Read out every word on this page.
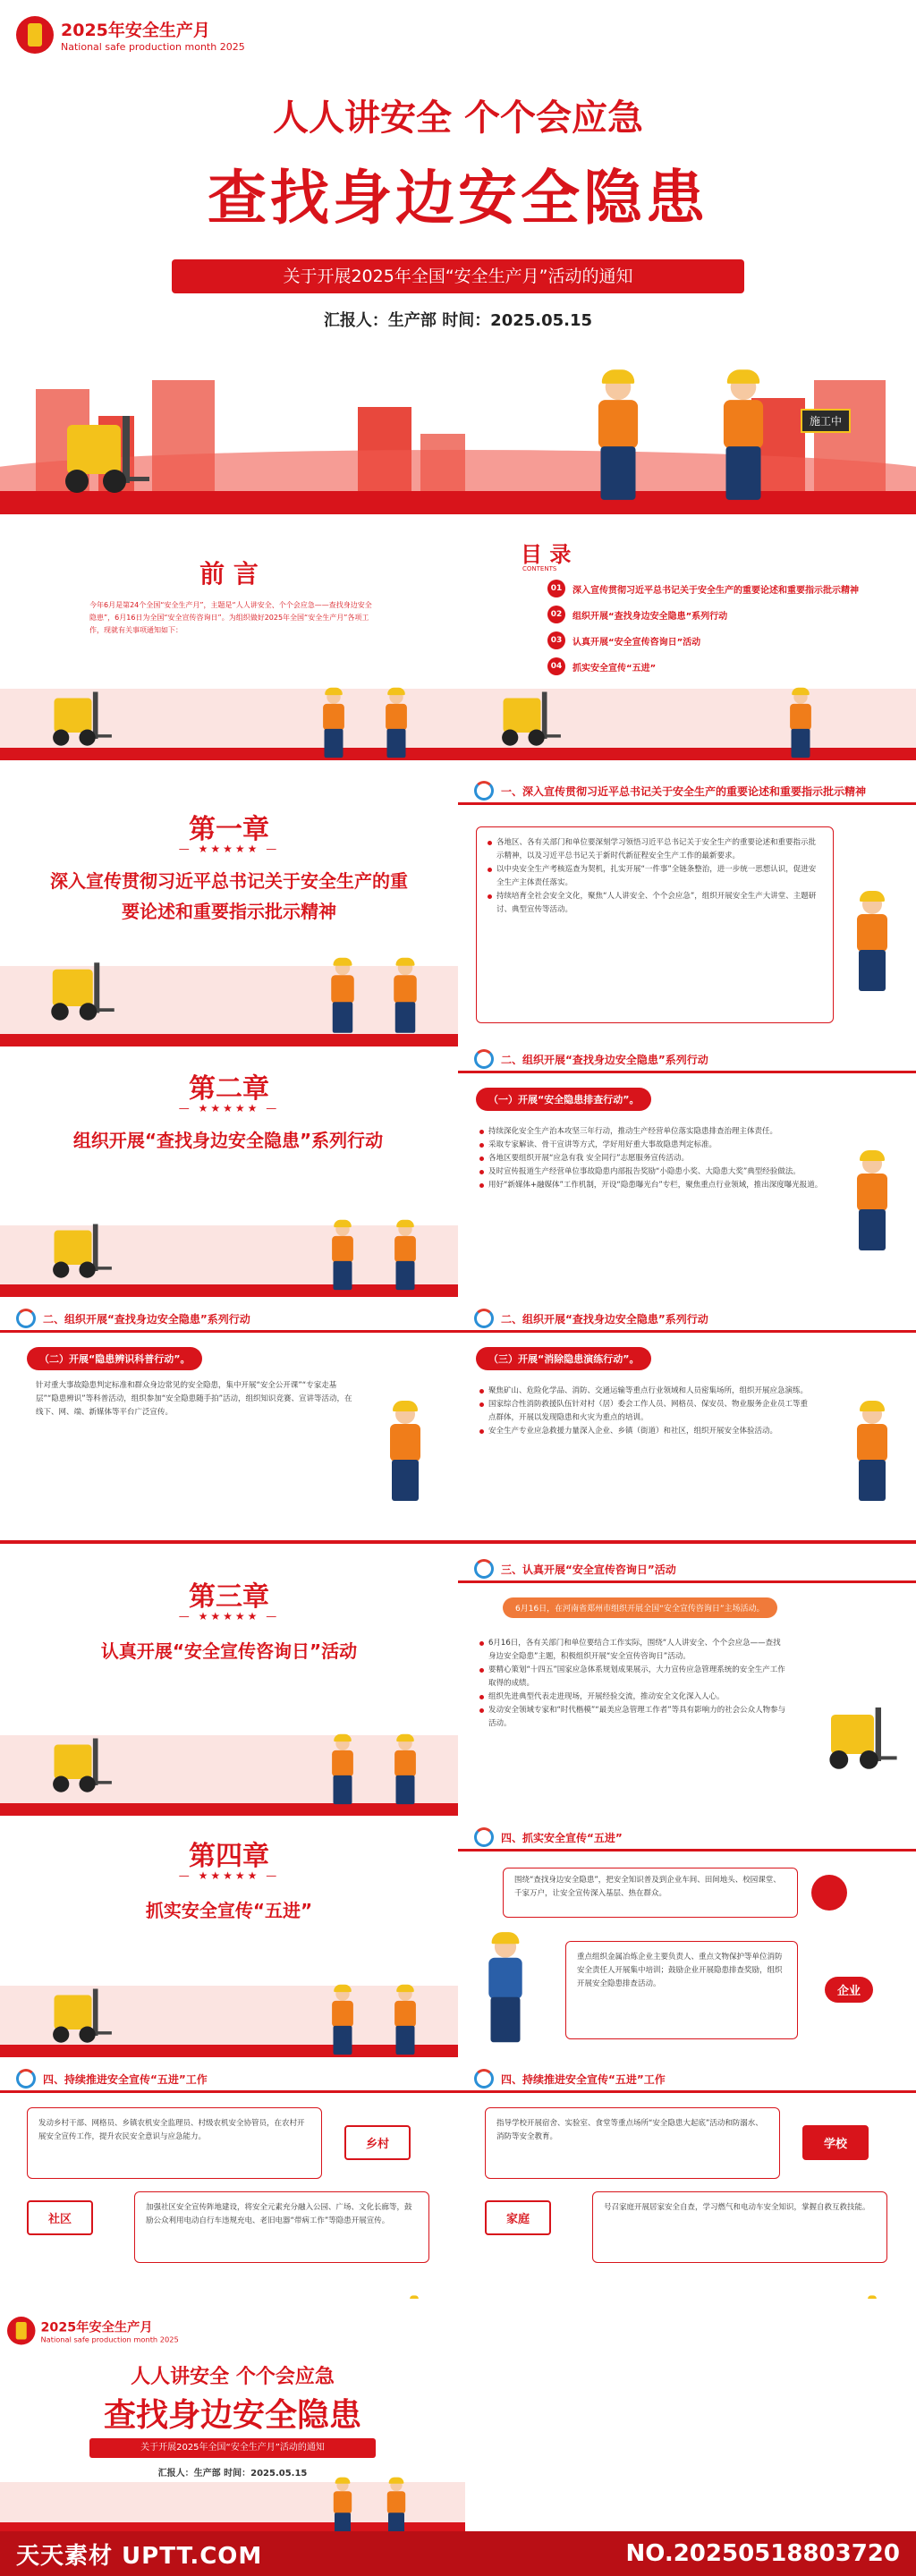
2025年安全生产月
National safe production month 2025
人人讲安全 个个会应急
查找身边安全隐患
关于开展2025年全国“安全生产月”活动的通知
汇报人：生产部 时间：2025.05.15
施工中
前 言
今年6月是第24个全国“安全生产月”，主题是“人人讲安全、个个会应急——查找身边安全隐患”，6月16日为全国“安全宣传咨询日”。为组织做好2025年全国“安全生产月”各项工作，现就有关事项通知如下：
目 录
CONTENTS
01	深入宣传贯彻习近平总书记关于安全生产的重要论述和重要指示批示精神
02	组织开展“查找身边安全隐患”系列行动
03	认真开展“安全宣传咨询日”活动
04	抓实安全宣传“五进”
第一章
— ★★★★★ —
深入宣传贯彻习近平总书记关于安全生产的重要论述和重要指示批示精神
一、深入宣传贯彻习近平总书记关于安全生产的重要论述和重要指示批示精神
各地区、各有关部门和单位要深刻学习领悟习近平总书记关于安全生产的重要论述和重要指示批示精神，以及习近平总书记关于新时代新征程安全生产工作的最新要求。
以中央安全生产考核巡查为契机，扎实开展“一件事”全链条整治，进一步统一思想认识，促进安全生产主体责任落实。
持续培育全社会安全文化，聚焦“人人讲安全、个个会应急”，组织开展安全生产大讲堂、主题研讨、典型宣传等活动。
第二章
— ★★★★★ —
组织开展“查找身边安全隐患”系列行动
二、组织开展“查找身边安全隐患”系列行动
（一）开展“安全隐患排查行动”。
持续深化安全生产治本攻坚三年行动，推动生产经营单位落实隐患排查治理主体责任。
采取专家解读、骨干宣讲等方式，学好用好重大事故隐患判定标准。
各地区要组织开展“应急有我 安全同行”志愿服务宣传活动。
及时宣传报道生产经营单位事故隐患内部报告奖励“小隐患小奖、大隐患大奖”典型经验做法。
用好“新媒体+融媒体”工作机制，开设“隐患曝光台”专栏，聚焦重点行业领域，推出深度曝光报道。
二、组织开展“查找身边安全隐患”系列行动
（二）开展“隐患辨识科普行动”。
针对重大事故隐患判定标准和群众身边常见的安全隐患，集中开展“安全公开课”“专家走基层”“隐患辨识”等科普活动，组织参加“安全隐患随手拍”活动，组织知识竞赛、宣讲等活动，在线下、网、端、新媒体等平台广泛宣传。
二、组织开展“查找身边安全隐患”系列行动
（三）开展“消除隐患演练行动”。
聚焦矿山、危险化学品、消防、交通运输等重点行业领域和人员密集场所，组织开展应急演练。
国家综合性消防救援队伍针对村（居）委会工作人员、网格员、保安员、物业服务企业员工等重点群体，开展以发现隐患和火灾为重点的培训。
安全生产专业应急救援力量深入企业、乡镇（街道）和社区，组织开展安全体验活动。
第三章
— ★★★★★ —
认真开展“安全宣传咨询日”活动
三、认真开展“安全宣传咨询日”活动
6月16日，在河南省郑州市组织开展全国“安全宣传咨询日”主场活动。
6月16日，各有关部门和单位要结合工作实际，围绕“人人讲安全、个个会应急——查找身边安全隐患”主题，积极组织开展“安全宣传咨询日”活动。
要精心策划“十四五”国家应急体系规划成果展示，大力宣传应急管理系统的安全生产工作取得的成绩。
组织先进典型代表走进现场，开展经验交流，推动安全文化深入人心。
发动安全领域专家和“时代楷模”“最美应急管理工作者”等具有影响力的社会公众人物参与活动。
第四章
— ★★★★★ —
抓实安全宣传“五进”
四、抓实安全宣传“五进”
围绕“查找身边安全隐患”，把安全知识普及到企业车间、田间地头、校园课堂、千家万户，让安全宣传深入基层、热在群众。
重点组织金属冶炼企业主要负责人、重点文物保护等单位消防安全责任人开展集中培训；鼓励企业开展隐患排查奖励，组织开展安全隐患排查活动。
企业
四、持续推进安全宣传“五进”工作
发动乡村干部、网格员、乡镇农机安全监理员、村级农机安全协管员，在农村开展安全宣传工作，提升农民安全意识与应急能力。
乡村
社区
加强社区安全宣传阵地建设，将安全元素充分融入公园、广场、文化长廊等，鼓励公众利用电动自行车违规充电、老旧电器“带病工作”等隐患开展宣传。
四、持续推进安全宣传“五进”工作
指导学校开展宿舍、实验室、食堂等重点场所“安全隐患大起底”活动和防溺水、消防等安全教育。
学校
家庭
号召家庭开展居家安全自查，学习燃气和电动车安全知识，掌握自救互救技能。
2025年安全生产月
National safe production month 2025
人人讲安全 个个会应急
查找身边安全隐患
关于开展2025年全国“安全生产月”活动的通知
汇报人：生产部 时间：2025.05.15
天天素材 UPTT.COM	NO.20250518803720
